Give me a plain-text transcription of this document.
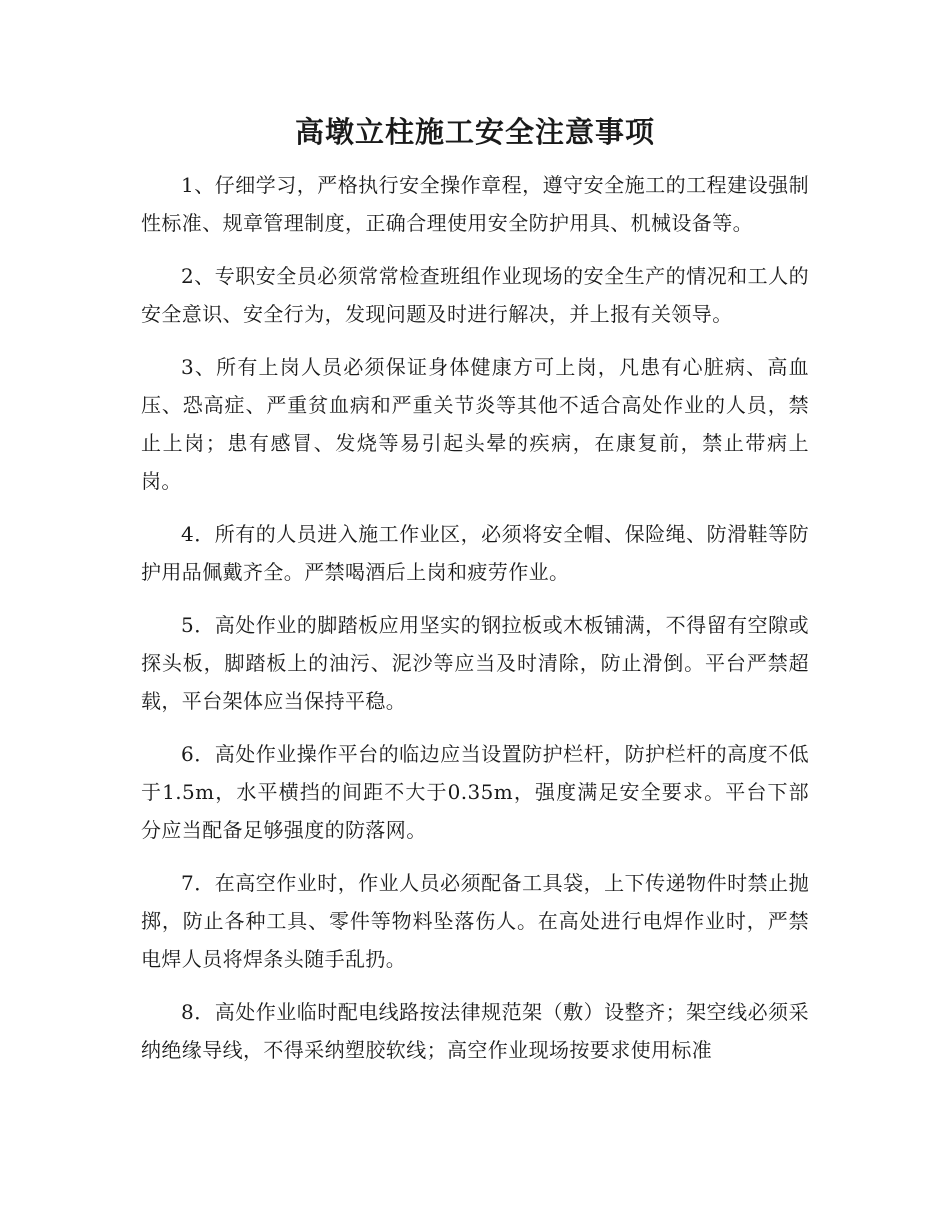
高墩立柱施工安全注意事项

1、仔细学习，严格执行安全操作章程，遵守安全施工的工程建设强制性标准、规章管理制度，正确合理使用安全防护用具、机械设备等。

2、专职安全员必须常常检查班组作业现场的安全生产的情况和工人的安全意识、安全行为，发现问题及时进行解决，并上报有关领导。

3、所有上岗人员必须保证身体健康方可上岗，凡患有心脏病、高血压、恐高症、严重贫血病和严重关节炎等其他不适合高处作业的人员，禁止上岗；患有感冒、发烧等易引起头晕的疾病，在康复前，禁止带病上岗。

4．所有的人员进入施工作业区，必须将安全帽、保险绳、防滑鞋等防护用品佩戴齐全。严禁喝酒后上岗和疲劳作业。

5．高处作业的脚踏板应用坚实的钢拉板或木板铺满，不得留有空隙或探头板，脚踏板上的油污、泥沙等应当及时清除，防止滑倒。平台严禁超载，平台架体应当保持平稳。

6．高处作业操作平台的临边应当设置防护栏杆，防护栏杆的高度不低于1.5m，水平横挡的间距不大于0.35m，强度满足安全要求。平台下部分应当配备足够强度的防落网。

7．在高空作业时，作业人员必须配备工具袋，上下传递物件时禁止抛掷，防止各种工具、零件等物料坠落伤人。在高处进行电焊作业时，严禁电焊人员将焊条头随手乱扔。

8．高处作业临时配电线路按法律规范架（敷）设整齐；架空线必须采纳绝缘导线，不得采纳塑胶软线；高空作业现场按要求使用标准
